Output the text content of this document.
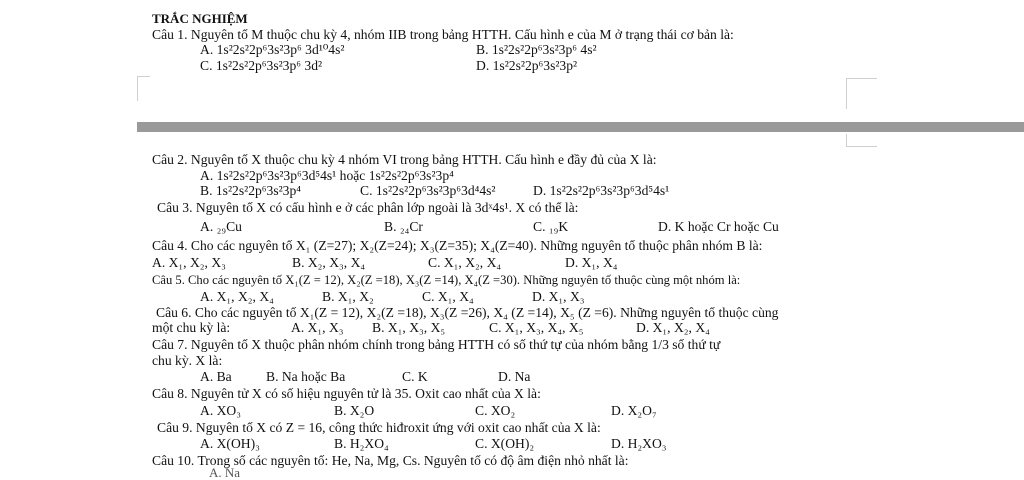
TRẮC NGHIỆM
Câu 1. Nguyên tố M thuộc chu kỳ 4, nhóm IIB trong bảng HTTH. Cấu hình e của M ở trạng thái cơ bản là:
A. 1s²2s²2p⁶3s²3p⁶ 3d¹⁰4s²	B. 1s²2s²2p⁶3s²3p⁶ 4s²
C. 1s²2s²2p⁶3s²3p⁶ 3d²	D. 1s²2s²2p⁶3s²3p²
Câu 2. Nguyên tố X thuộc chu kỳ 4 nhóm VI trong bảng HTTH. Cấu hình e đầy đủ của X là:
A. 1s²2s²2p⁶3s²3p⁶3d⁵4s¹ hoặc 1s²2s²2p⁶3s²3p⁴
B. 1s²2s²2p⁶3s²3p⁴	C. 1s²2s²2p⁶3s²3p⁶3d⁴4s²	D. 1s²2s²2p⁶3s²3p⁶3d⁵4s¹
Câu 3. Nguyên tố X có cấu hình e ở các phân lớp ngoài là 3dˣ4s¹. X có thể là:
A. ₂₉Cu	B. ₂₄Cr	C. ₁₉K	D. K hoặc Cr hoặc Cu
Câu 4. Cho các nguyên tố X₁ (Z=27); X₂(Z=24); X₃(Z=35); X₄(Z=40). Những nguyên tố thuộc phân nhóm B là:
A. X₁, X₂, X₃	B. X₂, X₃, X₄	C. X₁, X₂, X₄	D. X₁, X₄
Câu 5. Cho các nguyên tố X₁(Z = 12), X₂(Z =18), X₃(Z =14), X₄(Z =30). Những nguyên tố thuộc cùng một nhóm là:
A. X₁, X₂, X₄	B. X₁, X₂	C. X₁, X₄	D. X₁, X₃
Câu 6. Cho các nguyên tố X₁(Z = 12), X₂(Z =18), X₃(Z =26), X₄ (Z =14), X₅ (Z =6). Những nguyên tố thuộc cùng
một chu kỳ là:	A. X₁, X₃ B. X₁, X₃, X₅	C. X₁, X₃, X₄, X₅	D. X₁, X₂, X₄
Câu 7. Nguyên tố X thuộc phân nhóm chính trong bảng HTTH có số thứ tự của nhóm bằng 1/3 số thứ tự
chu kỳ. X là:
A. Ba	B. Na hoặc Ba	C. K	D. Na
Câu 8. Nguyên tử X có số hiệu nguyên tử là 35. Oxit cao nhất của X là:
A. XO₃	B. X₂O	C. XO₂	D. X₂O₇
Câu 9. Nguyên tố X có Z = 16, công thức hiđroxit ứng với oxit cao nhất của X là:
A. X(OH)₃	B. H₂XO₄	C. X(OH)₂	D. H₂XO₃
Câu 10. Trong số các nguyên tố: He, Na, Mg, Cs. Nguyên tố có độ âm điện nhỏ nhất là:
A. Na
